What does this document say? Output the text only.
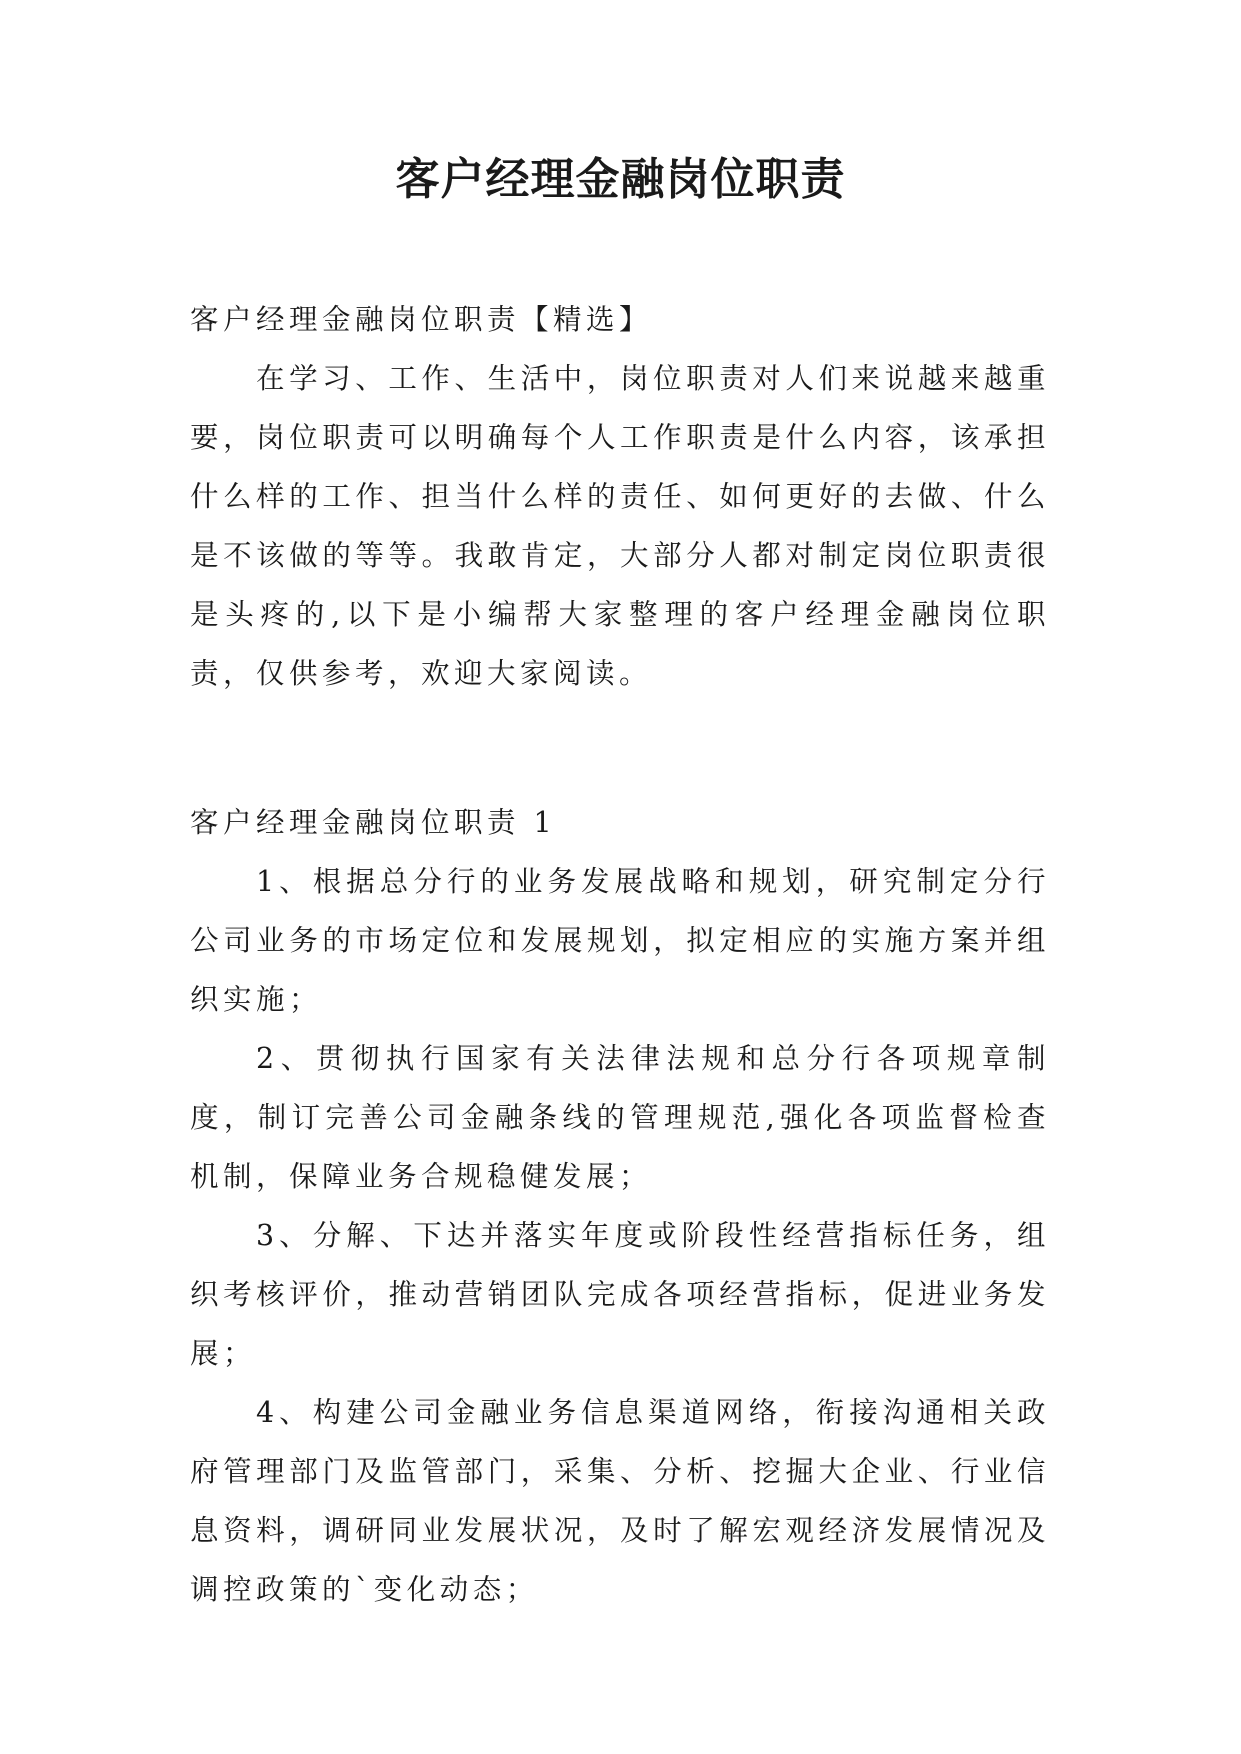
客户经理金融岗位职责

客户经理金融岗位职责【精选】

在学习、工作、生活中，岗位职责对人们来说越来越重要，岗位职责可以明确每个人工作职责是什么内容，该承担什么样的工作、担当什么样的责任、如何更好的去做、什么是不该做的等等。我敢肯定，大部分人都对制定岗位职责很是头疼的,以下是小编帮大家整理的客户经理金融岗位职责，仅供参考，欢迎大家阅读。

客户经理金融岗位职责 1

1、根据总分行的业务发展战略和规划，研究制定分行公司业务的市场定位和发展规划，拟定相应的实施方案并组织实施；

2、贯彻执行国家有关法律法规和总分行各项规章制度，制订完善公司金融条线的管理规范,强化各项监督检查机制，保障业务合规稳健发展；

3、分解、下达并落实年度或阶段性经营指标任务，组织考核评价，推动营销团队完成各项经营指标，促进业务发展；

4、构建公司金融业务信息渠道网络，衔接沟通相关政府管理部门及监管部门，采集、分析、挖掘大企业、行业信息资料，调研同业发展状况，及时了解宏观经济发展情况及调控政策的`变化动态；
